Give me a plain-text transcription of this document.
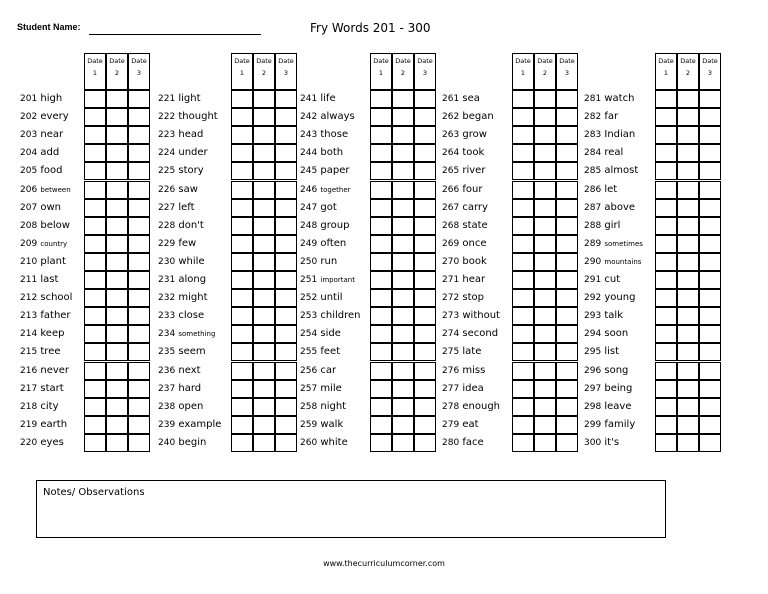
Student Name:	Fry Words 201 - 300
Date
1
Date
2
Date
3
201 high
202 every
203 near
204 add
205 food
206 between
207 own
208 below
209 country
210 plant
211 last
212 school
213 father
214 keep
215 tree
216 never
217 start
218 city
219 earth
220 eyes
Date
1
Date
2
Date
3
221 light
222 thought
223 head
224 under
225 story
226 saw
227 left
228 don't
229 few
230 while
231 along
232 might
233 close
234 something
235 seem
236 next
237 hard
238 open
239 example
240 begin
Date
1
Date
2
Date
3
241 life
242 always
243 those
244 both
245 paper
246 together
247 got
248 group
249 often
250 run
251 important
252 until
253 children
254 side
255 feet
256 car
257 mile
258 night
259 walk
260 white
Date
1
Date
2
Date
3
261 sea
262 began
263 grow
264 took
265 river
266 four
267 carry
268 state
269 once
270 book
271 hear
272 stop
273 without
274 second
275 late
276 miss
277 idea
278 enough
279 eat
280 face
Date
1
Date
2
Date
3
281 watch
282 far
283 Indian
284 real
285 almost
286 let
287 above
288 girl
289 sometimes
290 mountains
291 cut
292 young
293 talk
294 soon
295 list
296 song
297 being
298 leave
299 family
300 it's
Notes/ Observations
www.thecurriculumcorner.com
